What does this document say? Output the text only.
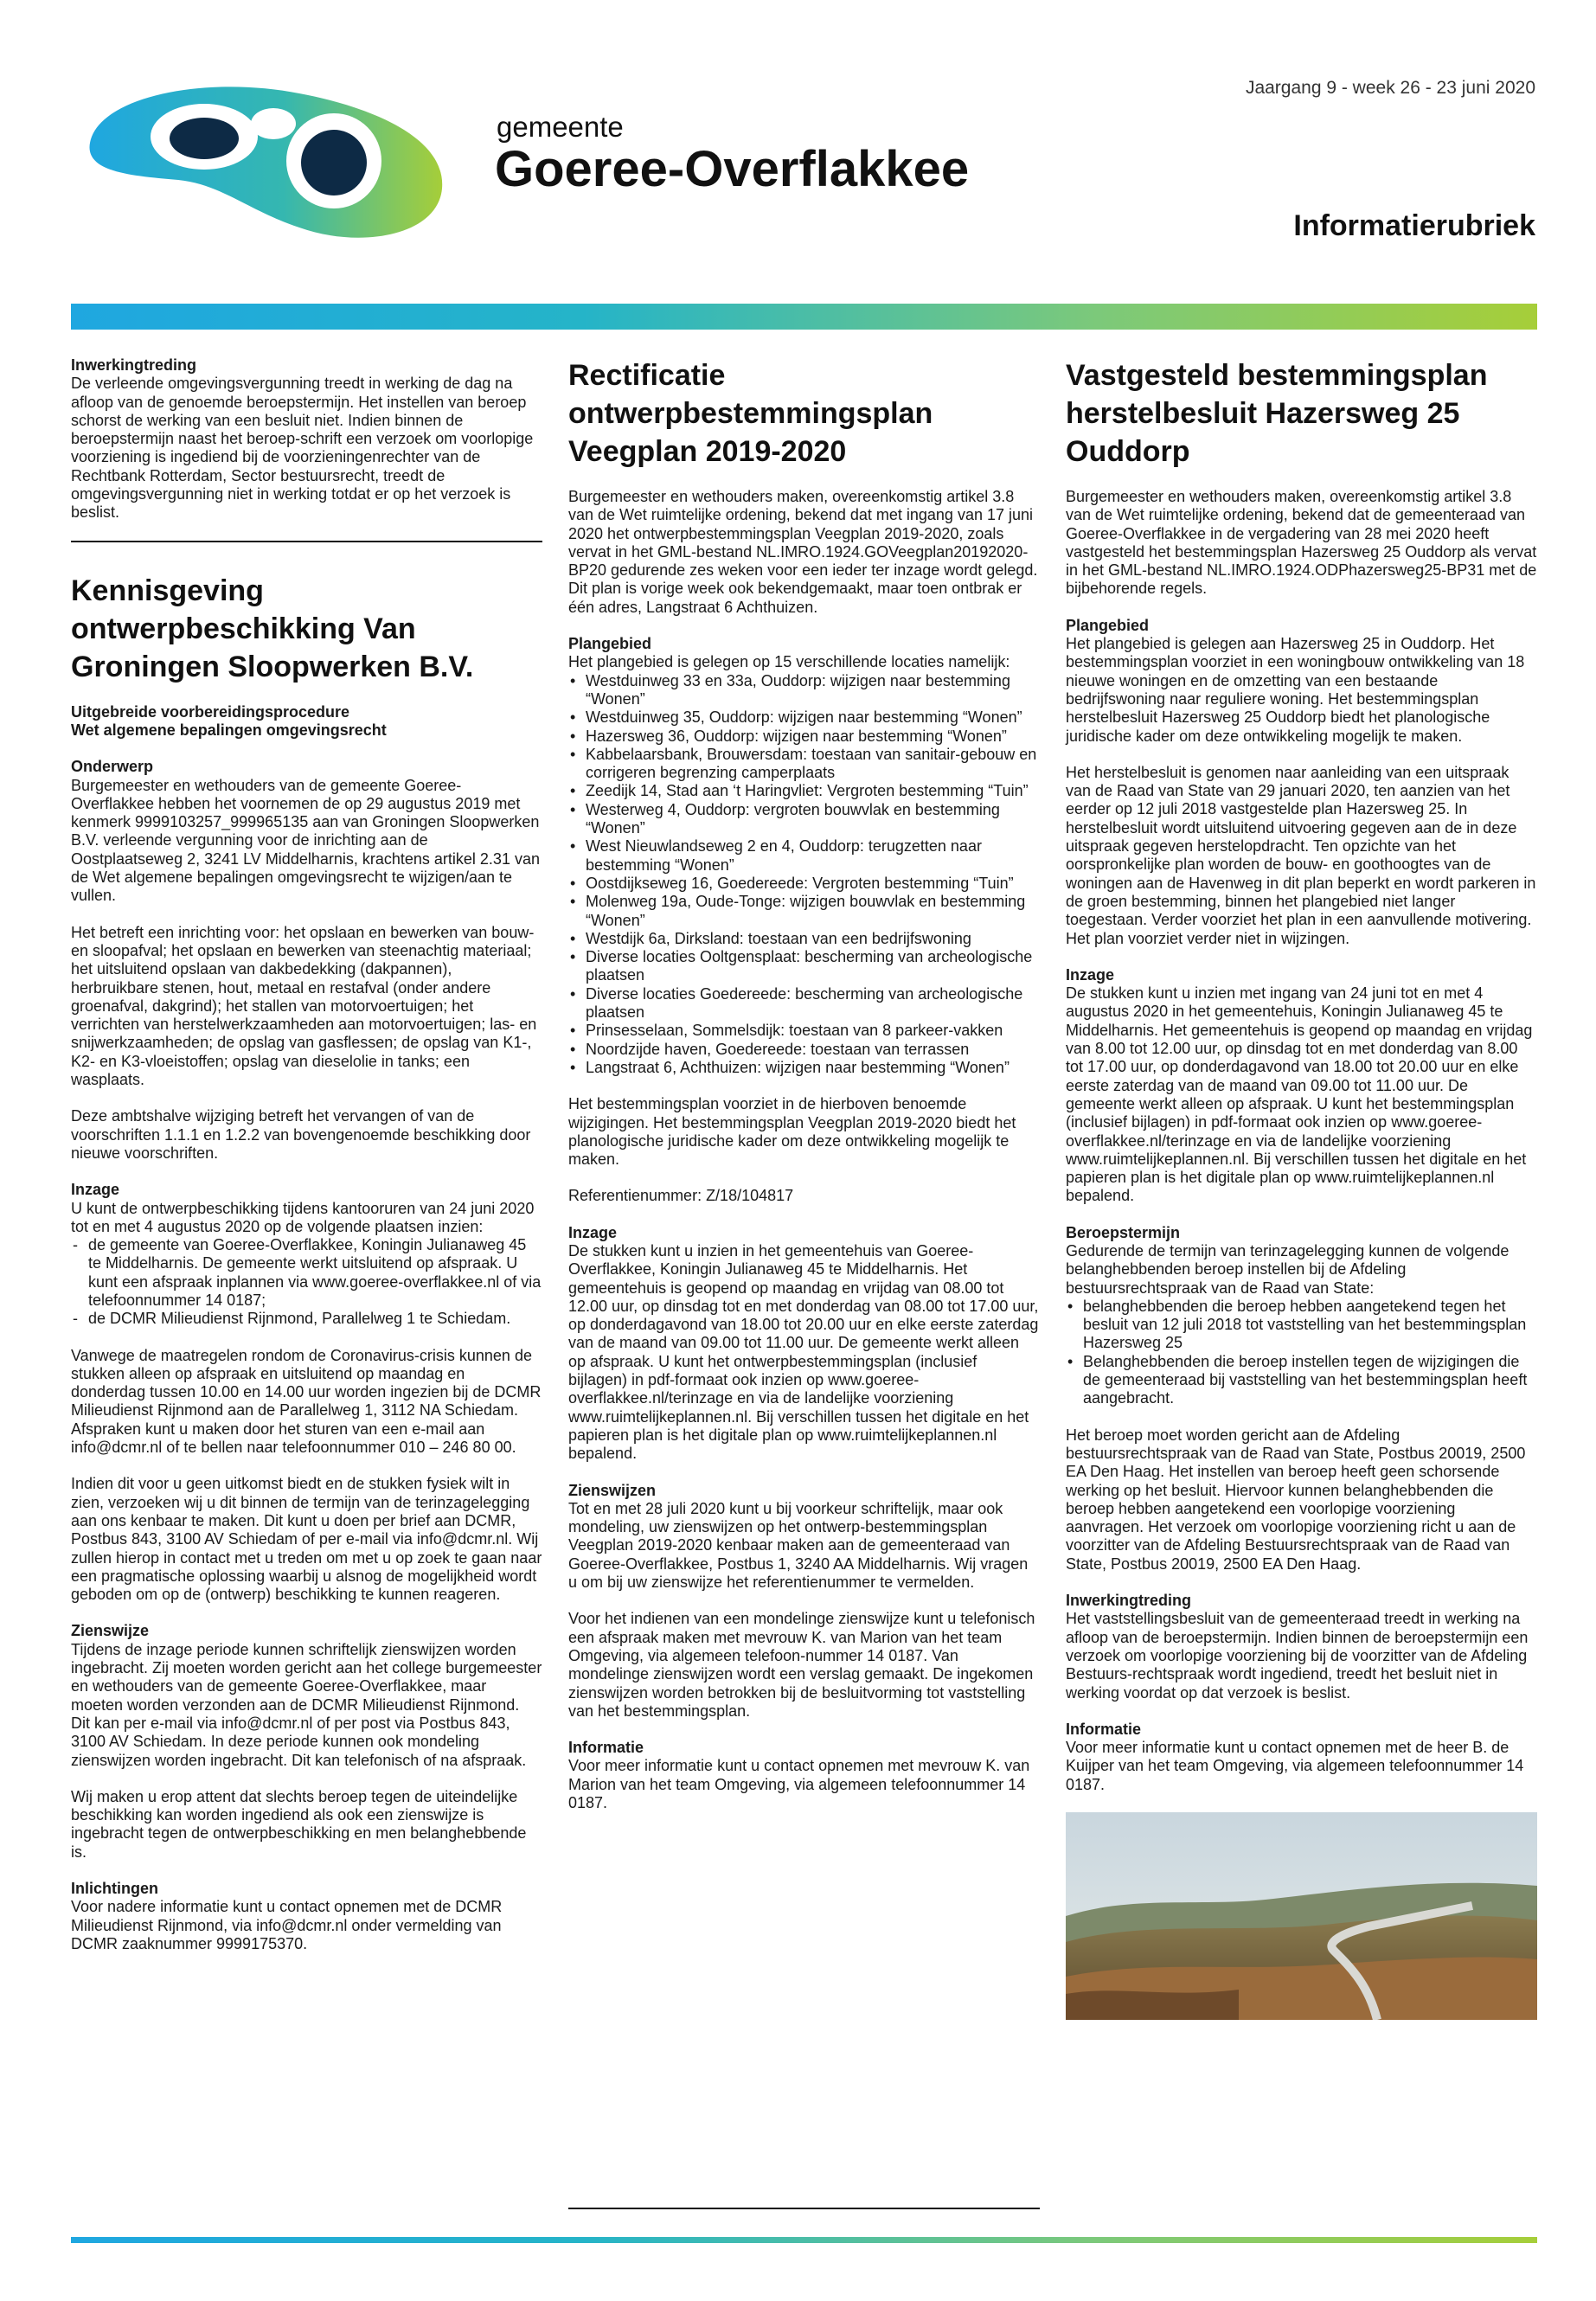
Jaargang 9 - week 26 - 23 juni 2020
gemeente
Goeree-Overflakkee
Informatierubriek
Inwerkingtreding

De verleende omgevingsvergunning treedt in werking de dag na afloop van de genoemde beroepstermijn. Het instellen van beroep schorst de werking van een besluit niet. Indien binnen de beroepstermijn naast het beroep-schrift een verzoek om voorlopige voorziening is ingediend bij de voorzieningenrechter van de Rechtbank Rotterdam, Sector bestuursrecht, treedt de omgevingsvergunning niet in werking totdat er op het verzoek is beslist.

Kennisgeving ontwerpbeschikking Van Groningen Sloopwerken B.V.
Uitgebreide voorbereidingsprocedure
Wet algemene bepalingen omgevingsrecht
Onderwerp

Burgemeester en wethouders van de gemeente Goeree-Overflakkee hebben het voornemen de op 29 augustus 2019 met kenmerk 9999103257_999965135 aan van Groningen Sloopwerken B.V. verleende vergunning voor de inrichting aan de Oostplaatseweg 2, 3241 LV Middelharnis, krachtens artikel 2.31 van de Wet algemene bepalingen omgevingsrecht te wijzigen/aan te vullen.

Het betreft een inrichting voor: het opslaan en bewerken van bouw- en sloopafval; het opslaan en bewerken van steenachtig materiaal; het uitsluitend opslaan van dakbedekking (dakpannen), herbruikbare stenen, hout, metaal en restafval (onder andere groenafval, dakgrind); het stallen van motorvoertuigen; het verrichten van herstelwerkzaamheden aan motorvoertuigen; las- en snijwerkzaamheden; de opslag van gasflessen; de opslag van K1-, K2- en K3-vloeistoffen; opslag van dieselolie in tanks; een wasplaats.

Deze ambtshalve wijziging betreft het vervangen of van de voorschriften 1.1.1 en 1.2.2 van bovengenoemde beschikking door nieuwe voorschriften.

Inzage
U kunt de ontwerpbeschikking tijdens kantooruren van 24 juni 2020 tot en met 4 augustus 2020 op de volgende plaatsen inzien:
- de gemeente van Goeree-Overflakkee, Koningin Julianaweg 45 te Middelharnis. De gemeente werkt uitsluitend op afspraak. U kunt een afspraak inplannen via www.goeree-overflakkee.nl of via telefoonnummer 14 0187;
- de DCMR Milieudienst Rijnmond, Parallelweg 1 te Schiedam.

Vanwege de maatregelen rondom de Coronavirus-crisis kunnen de stukken alleen op afspraak en uitsluitend op maandag en donderdag tussen 10.00 en 14.00 uur worden ingezien bij de DCMR Milieudienst Rijnmond aan de Parallelweg 1, 3112 NA Schiedam. Afspraken kunt u maken door het sturen van een e-mail aan info@dcmr.nl of te bellen naar telefoonnummer 010 – 246 80 00.

Indien dit voor u geen uitkomst biedt en de stukken fysiek wilt in zien, verzoeken wij u dit binnen de termijn van de terinzagelegging aan ons kenbaar te maken. Dit kunt u doen per brief aan DCMR, Postbus 843, 3100 AV Schiedam of per e-mail via info@dcmr.nl. Wij zullen hierop in contact met u treden om met u op zoek te gaan naar een pragmatische oplossing waarbij u alsnog de mogelijkheid wordt geboden om op de (ontwerp) beschikking te kunnen reageren.

Zienswijze

Tijdens de inzage periode kunnen schriftelijk zienswijzen worden ingebracht. Zij moeten worden gericht aan het college burgemeester en wethouders van de gemeente Goeree-Overflakkee, maar moeten worden verzonden aan de DCMR Milieudienst Rijnmond. Dit kan per e-mail via info@dcmr.nl of per post via Postbus 843, 3100 AV Schiedam. In deze periode kunnen ook mondeling zienswijzen worden ingebracht. Dit kan telefonisch of na afspraak.

Wij maken u erop attent dat slechts beroep tegen de uiteindelijke beschikking kan worden ingediend als ook een zienswijze is ingebracht tegen de ontwerpbeschikking en men belanghebbende is.

Inlichtingen

Voor nadere informatie kunt u contact opnemen met de DCMR Milieudienst Rijnmond, via info@dcmr.nl onder vermelding van DCMR zaaknummer 9999175370.

Rectificatie ontwerpbestemmingsplan Veegplan 2019-2020

Burgemeester en wethouders maken, overeenkomstig artikel 3.8 van de Wet ruimtelijke ordening, bekend dat met ingang van 17 juni 2020 het ontwerpbestemmingsplan Veegplan 2019-2020, zoals vervat in het GML-bestand NL.IMRO.1924.GOVeegplan20192020-BP20 gedurende zes weken voor een ieder ter inzage wordt gelegd. Dit plan is vorige week ook bekendgemaakt, maar toen ontbrak er één adres, Langstraat 6 Achthuizen.

Plangebied
Het plangebied is gelegen op 15 verschillende locaties namelijk:
• Westduinweg 33 en 33a, Ouddorp: wijzigen naar bestemming “Wonen”
• Westduinweg 35, Ouddorp: wijzigen naar bestemming “Wonen”
• Hazersweg 36, Ouddorp: wijzigen naar bestemming “Wonen”
• Kabbelaarsbank, Brouwersdam: toestaan van sanitair-gebouw en corrigeren begrenzing camperplaats
• Zeedijk 14, Stad aan ‘t Haringvliet: Vergroten bestemming “Tuin”
• Westerweg 4, Ouddorp: vergroten bouwvlak en bestemming “Wonen”
• West Nieuwlandseweg 2 en 4, Ouddorp: terugzetten naar bestemming “Wonen”
• Oostdijkseweg 16, Goedereede: Vergroten bestemming “Tuin”
• Molenweg 19a, Oude-Tonge: wijzigen bouwvlak en bestemming “Wonen”
• Westdijk 6a, Dirksland: toestaan van een bedrijfswoning
• Diverse locaties Ooltgensplaat: bescherming van archeologische plaatsen
• Diverse locaties Goedereede: bescherming van archeologische plaatsen
• Prinsesselaan, Sommelsdijk: toestaan van 8 parkeer-vakken
• Noordzijde haven, Goedereede: toestaan van terrassen
• Langstraat 6, Achthuizen: wijzigen naar bestemming “Wonen”

Het bestemmingsplan voorziet in de hierboven benoemde wijzigingen. Het bestemmingsplan Veegplan 2019-2020 biedt het planologische juridische kader om deze ontwikkeling mogelijk te maken.

Referentienummer: Z/18/104817

Inzage

De stukken kunt u inzien in het gemeentehuis van Goeree-Overflakkee, Koningin Julianaweg 45 te Middelharnis. Het gemeentehuis is geopend op maandag en vrijdag van 08.00 tot 12.00 uur, op dinsdag tot en met donderdag van 08.00 tot 17.00 uur, op donderdagavond van 18.00 tot 20.00 uur en elke eerste zaterdag van de maand van 09.00 tot 11.00 uur. De gemeente werkt alleen op afspraak. U kunt het ontwerpbestemmingsplan (inclusief bijlagen) in pdf-formaat ook inzien op www.goeree-overflakkee.nl/terinzage en via de landelijke voorziening www.ruimtelijkeplannen.nl. Bij verschillen tussen het digitale en het papieren plan is het digitale plan op www.ruimtelijkeplannen.nl bepalend.

Zienswijzen

Tot en met 28 juli 2020 kunt u bij voorkeur schriftelijk, maar ook mondeling, uw zienswijzen op het ontwerp-bestemmingsplan Veegplan 2019-2020 kenbaar maken aan de gemeenteraad van Goeree-Overflakkee, Postbus 1, 3240 AA Middelharnis. Wij vragen u om bij uw zienswijze het referentienummer te vermelden.

Voor het indienen van een mondelinge zienswijze kunt u telefonisch een afspraak maken met mevrouw K. van Marion van het team Omgeving, via algemeen telefoon-nummer 14 0187. Van mondelinge zienswijzen wordt een verslag gemaakt. De ingekomen zienswijzen worden betrokken bij de besluitvorming tot vaststelling van het bestemmingsplan.

Informatie

Voor meer informatie kunt u contact opnemen met mevrouw K. van Marion van het team Omgeving, via algemeen telefoonnummer 14 0187.

Vastgesteld bestemmingsplan herstelbesluit Hazersweg 25 Ouddorp

Burgemeester en wethouders maken, overeenkomstig artikel 3.8 van de Wet ruimtelijke ordening, bekend dat de gemeenteraad van Goeree-Overflakkee in de vergadering van 28 mei 2020 heeft vastgesteld het bestemmingsplan Hazersweg 25 Ouddorp als vervat in het GML-bestand NL.IMRO.1924.ODPhazersweg25-BP31 met de bijbehorende regels.

Plangebied

Het plangebied is gelegen aan Hazersweg 25 in Ouddorp. Het bestemmingsplan voorziet in een woningbouw ontwikkeling van 18 nieuwe woningen en de omzetting van een bestaande bedrijfswoning naar reguliere woning. Het bestemmingsplan herstelbesluit Hazersweg 25 Ouddorp biedt het planologische juridische kader om deze ontwikkeling mogelijk te maken.

Het herstelbesluit is genomen naar aanleiding van een uitspraak van de Raad van State van 29 januari 2020, ten aanzien van het eerder op 12 juli 2018 vastgestelde plan Hazersweg 25. In herstelbesluit wordt uitsluitend uitvoering gegeven aan de in deze uitspraak gegeven herstelopdracht. Ten opzichte van het oorspronkelijke plan worden de bouw- en goothoogtes van de woningen aan de Havenweg in dit plan beperkt en wordt parkeren in de groen bestemming, binnen het plangebied niet langer toegestaan. Verder voorziet het plan in een aanvullende motivering. Het plan voorziet verder niet in wijzingen.

Inzage

De stukken kunt u inzien met ingang van 24 juni tot en met 4 augustus 2020 in het gemeentehuis, Koningin Julianaweg 45 te Middelharnis. Het gemeentehuis is geopend op maandag en vrijdag van 8.00 tot 12.00 uur, op dinsdag tot en met donderdag van 8.00 tot 17.00 uur, op donderdagavond van 18.00 tot 20.00 uur en elke eerste zaterdag van de maand van 09.00 tot 11.00 uur. De gemeente werkt alleen op afspraak. U kunt het bestemmingsplan (inclusief bijlagen) in pdf-formaat ook inzien op www.goeree-overflakkee.nl/terinzage en via de landelijke voorziening www.ruimtelijkeplannen.nl. Bij verschillen tussen het digitale en het papieren plan is het digitale plan op www.ruimtelijkeplannen.nl bepalend.

Beroepstermijn
Gedurende de termijn van terinzagelegging kunnen de volgende belanghebbenden beroep instellen bij de Afdeling bestuursrechtspraak van de Raad van State:
• belanghebbenden die beroep hebben aangetekend tegen het besluit van 12 juli 2018 tot vaststelling van het bestemmingsplan Hazersweg 25
• Belanghebbenden die beroep instellen tegen de wijzigingen die de gemeenteraad bij vaststelling van het bestemmingsplan heeft aangebracht.

Het beroep moet worden gericht aan de Afdeling bestuursrechtspraak van de Raad van State, Postbus 20019, 2500 EA Den Haag. Het instellen van beroep heeft geen schorsende werking op het besluit. Hiervoor kunnen belanghebbenden die beroep hebben aangetekend een voorlopige voorziening aanvragen. Het verzoek om voorlopige voorziening richt u aan de voorzitter van de Afdeling Bestuursrechtspraak van de Raad van State, Postbus 20019, 2500 EA Den Haag.

Inwerkingtreding

Het vaststellingsbesluit van de gemeenteraad treedt in werking na afloop van de beroepstermijn. Indien binnen de beroepstermijn een verzoek om voorlopige voorziening bij de voorzitter van de Afdeling Bestuurs-rechtspraak wordt ingediend, treedt het besluit niet in werking voordat op dat verzoek is beslist.

Informatie

Voor meer informatie kunt u contact opnemen met de heer B. de Kuijper van het team Omgeving, via algemeen telefoonnummer 14 0187.
